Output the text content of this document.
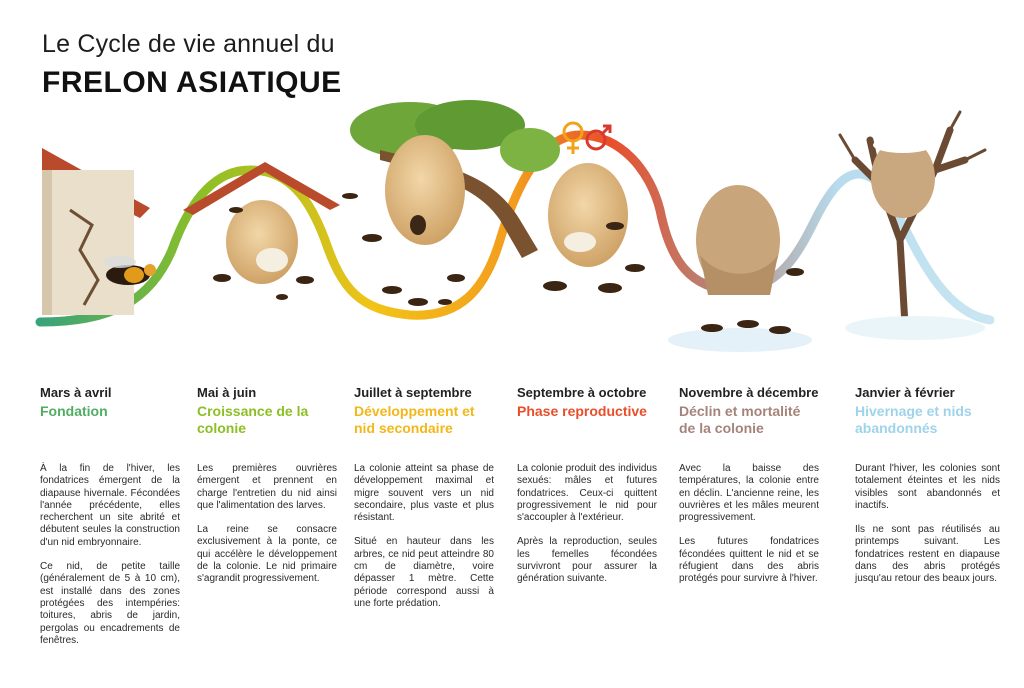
Le Cycle de vie annuel du
FRELON ASIATIQUE
Mars à avril
Fondation

À la fin de l'hiver, les fondatrices émergent de la diapause hivernale. Fécondées l'année précédente, elles recherchent un site abrité et débutent seules la construction d'un nid embryonnaire.

Ce nid, de petite taille (généralement de 5 à 10 cm), est installé dans des zones protégées des intempéries: toitures, abris de jardin, pergolas ou encadrements de fenêtres.

Mai à juin
Croissance de la colonie

Les premières ouvrières émergent et prennent en charge l'entretien du nid ainsi que l'alimentation des larves.

La reine se consacre exclusivement à la ponte, ce qui accélère le développement de la colonie. Le nid primaire s'agrandit progressivement.

Juillet à septembre
Développement et nid secondaire

La colonie atteint sa phase de développement maximal et migre souvent vers un nid secondaire, plus vaste et plus résistant.

Situé en hauteur dans les arbres, ce nid peut atteindre 80 cm de diamètre, voire dépasser 1 mètre. Cette période correspond aussi à une forte prédation.

Septembre à octobre
Phase reproductive

La colonie produit des individus sexués: mâles et futures fondatrices. Ceux-ci quittent progressivement le nid pour s'accoupler à l'extérieur.

Après la reproduction, seules les femelles fécondées survivront pour assurer la génération suivante.

Novembre à décembre
Déclin et mortalité de la colonie

Avec la baisse des températures, la colonie entre en déclin. L'ancienne reine, les ouvrières et les mâles meurent progressivement.

Les futures fondatrices fécondées quittent le nid et se réfugient dans des abris protégés pour survivre à l'hiver.

Janvier à février
Hivernage et nids abandonnés

Durant l'hiver, les colonies sont totalement éteintes et les nids visibles sont abandonnés et inactifs.

Ils ne sont pas réutilisés au printemps suivant. Les fondatrices restent en diapause dans des abris protégés jusqu'au retour des beaux jours.
